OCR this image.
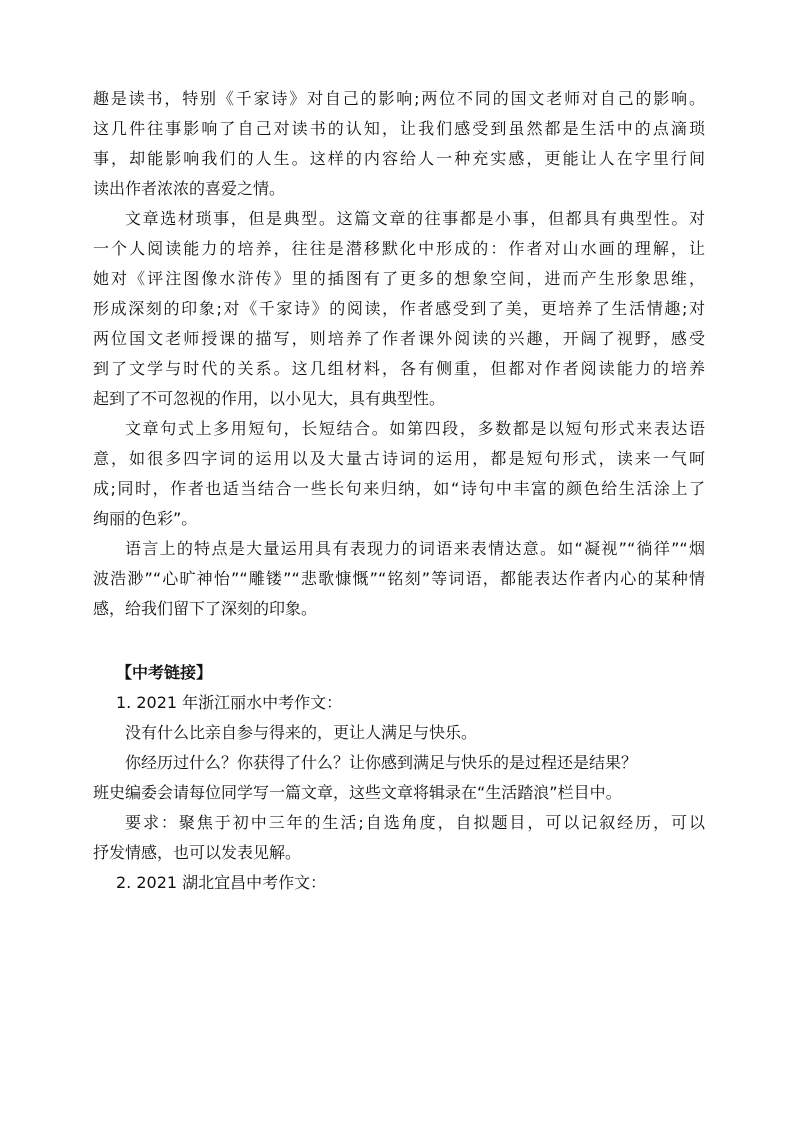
趣是读书，特别《千家诗》对自己的影响;两位不同的国文老师对自己的影响。
这几件往事影响了自己对读书的认知，让我们感受到虽然都是生活中的点滴琐
事，却能影响我们的人生。这样的内容给人一种充实感，更能让人在字里行间
读出作者浓浓的喜爱之情。
文章选材琐事，但是典型。这篇文章的往事都是小事，但都具有典型性。对
一个人阅读能力的培养，往往是潜移默化中形成的：作者对山水画的理解，让
她对《评注图像水浒传》里的插图有了更多的想象空间，进而产生形象思维，
形成深刻的印象;对《千家诗》的阅读，作者感受到了美，更培养了生活情趣;对
两位国文老师授课的描写，则培养了作者课外阅读的兴趣，开阔了视野，感受
到了文学与时代的关系。这几组材料，各有侧重，但都对作者阅读能力的培养
起到了不可忽视的作用，以小见大，具有典型性。
文章句式上多用短句，长短结合。如第四段，多数都是以短句形式来表达语
意，如很多四字词的运用以及大量古诗词的运用，都是短句形式，读来一气呵
成;同时，作者也适当结合一些长句来归纳，如“诗句中丰富的颜色给生活涂上了
绚丽的色彩”。
语言上的特点是大量运用具有表现力的词语来表情达意。如“凝视”“徜徉”“烟
波浩渺”“心旷神怡”“雕镂”“悲歌慷慨”“铭刻”等词语，都能表达作者内心的某种情
感，给我们留下了深刻的印象。
【中考链接】
1. 2021 年浙江丽水中考作文：
没有什么比亲自参与得来的，更让人满足与快乐。
你经历过什么？你获得了什么？让你感到满足与快乐的是过程还是结果？
班史编委会请每位同学写一篇文章，这些文章将辑录在“生活踏浪”栏目中。
要求：聚焦于初中三年的生活;自选角度，自拟题目，可以记叙经历，可以
抒发情感，也可以发表见解。
2. 2021 湖北宜昌中考作文：
